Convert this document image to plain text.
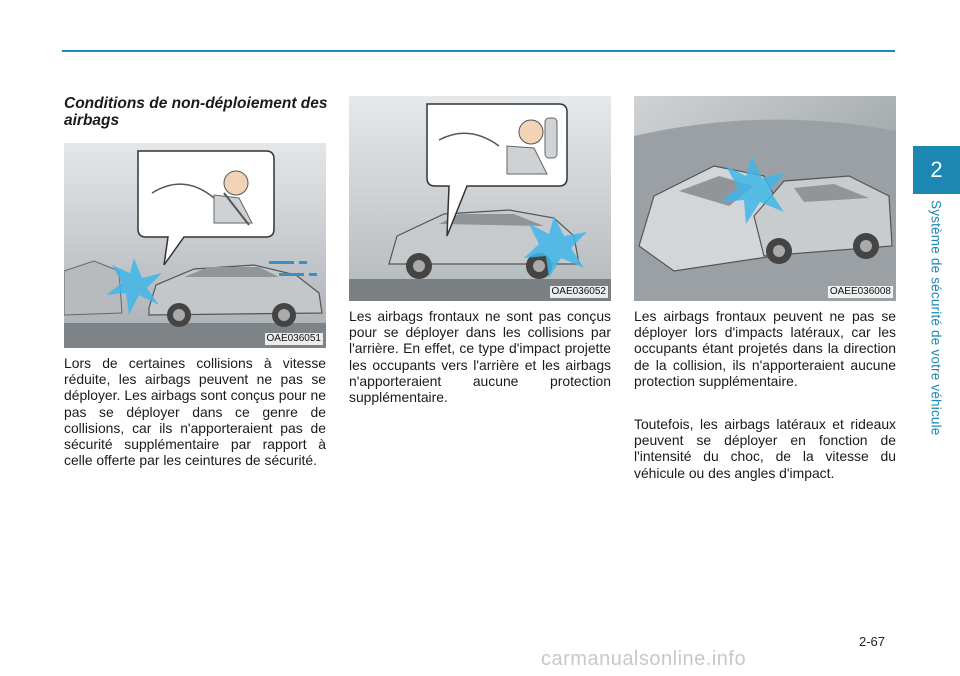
2
Système de sécurité de votre véhicule
Conditions de non-déploiement des airbags
OAE036051
OAE036052	OAEE036008

Lors de certaines collisions à vitesse réduite, les airbags peuvent ne pas se déployer. Les airbags sont conçus pour ne pas se déployer dans ce genre de collisions, car ils n'apporteraient pas de sécurité supplémentaire par rapport à celle offerte par les ceintures de sécurité.

Les airbags frontaux ne sont pas conçus pour se déployer dans les collisions par l'arrière. En effet, ce type d'impact projette les occupants vers l'arrière et les airbags n'apporteraient aucune protection supplémentaire.

Les airbags frontaux peuvent ne pas se déployer lors d'impacts latéraux, car les occupants étant projetés dans la direction de la collision, ils n'apporteraient aucune protection supplémentaire.

Toutefois, les airbags latéraux et rideaux peuvent se déployer en fonction de l'intensité du choc, de la vitesse du véhicule ou des angles d'impact.

2-67
carmanualsonline.info
